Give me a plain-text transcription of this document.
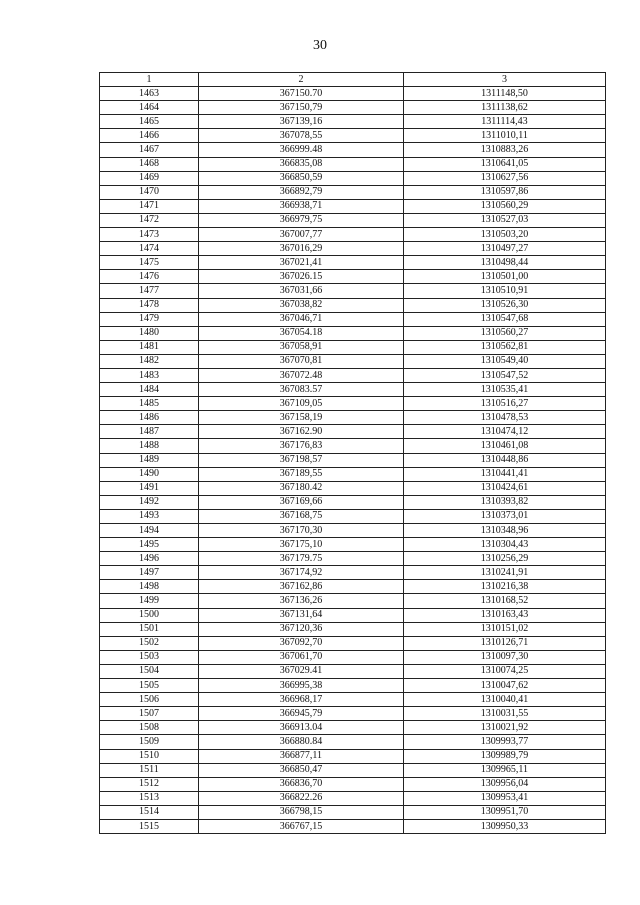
30
1	2	3
1463	367150.70	1311148,50
1464	367150,79	1311138,62
1465	367139,16	1311114,43
1466	367078,55	1311010,11
1467	366999.48	1310883,26
1468	366835,08	1310641,05
1469	366850,59	1310627,56
1470	366892,79	1310597,86
1471	366938,71	1310560,29
1472	366979,75	1310527,03
1473	367007,77	1310503,20
1474	367016,29	1310497,27
1475	367021,41	1310498,44
1476	367026.15	1310501,00
1477	367031,66	1310510,91
1478	367038,82	1310526,30
1479	367046,71	1310547,68
1480	367054.18	1310560,27
1481	367058,91	1310562,81
1482	367070,81	1310549,40
1483	367072.48	1310547,52
1484	367083.57	1310535,41
1485	367109,05	1310516,27
1486	367158,19	1310478,53
1487	367162.90	1310474,12
1488	367176,83	1310461,08
1489	367198,57	1310448,86
1490	367189,55	1310441,41
1491	367180.42	1310424,61
1492	367169,66	1310393,82
1493	367168,75	1310373,01
1494	367170,30	1310348,96
1495	367175,10	1310304,43
1496	367179.75	1310256,29
1497	367174,92	1310241,91
1498	367162,86	1310216,38
1499	367136,26	1310168,52
1500	367131,64	1310163,43
1501	367120,36	1310151,02
1502	367092,70	1310126,71
1503	367061,70	1310097,30
1504	367029.41	1310074,25
1505	366995,38	1310047,62
1506	366968,17	1310040,41
1507	366945,79	1310031,55
1508	366913.04	1310021,92
1509	366880.84	1309993,77
1510	366877,11	1309989,79
1511	366850,47	1309965,11
1512	366836,70	1309956,04
1513	366822.26	1309953,41
1514	366798,15	1309951,70
1515	366767,15	1309950,33
